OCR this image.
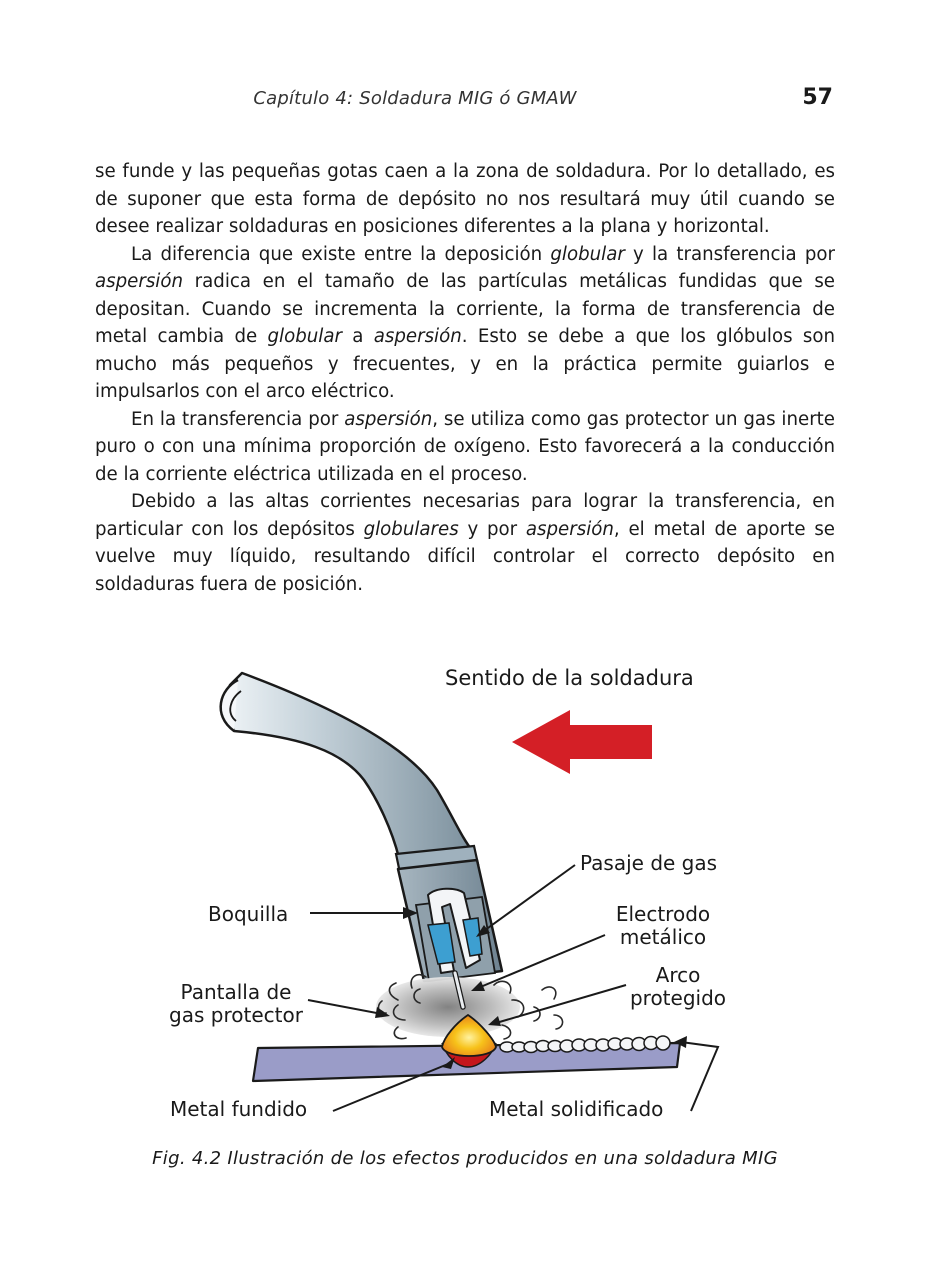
Capítulo 4: Soldadura MIG ó GMAW	57

se funde y las pequeñas gotas caen a la zona de soldadura. Por lo detallado, es de suponer que esta forma de depósito no nos resultará muy útil cuando se desee realizar soldaduras en posiciones diferentes a la plana y horizontal.

La diferencia que existe entre la deposición globular y la transferencia por aspersión radica en el tamaño de las partículas metálicas fundidas que se depositan. Cuando se incrementa la corriente, la forma de transferencia de metal cambia de globular a aspersión. Esto se debe a que los glóbulos son mucho más pequeños y frecuentes, y en la práctica permite guiarlos e impulsarlos con el arco eléctrico.

En la transferencia por aspersión, se utiliza como gas protector un gas inerte puro o con una mínima proporción de oxígeno. Esto favorecerá a la conducción de la corriente eléctrica utilizada en el proceso.

Debido a las altas corrientes necesarias para lograr la transferencia, en particular con los depósitos globulares y por aspersión, el metal de aporte se vuelve muy líquido, resultando difícil controlar el correcto depósito en soldaduras fuera de posición.

Sentido de la soldadura
Pasaje de gas
Boquilla	Electrodo
metálico
Arco
protegido
Pantalla de
gas protector
Metal fundido	Metal solidificado
Fig. 4.2 Ilustración de los efectos producidos en una soldadura MIG
